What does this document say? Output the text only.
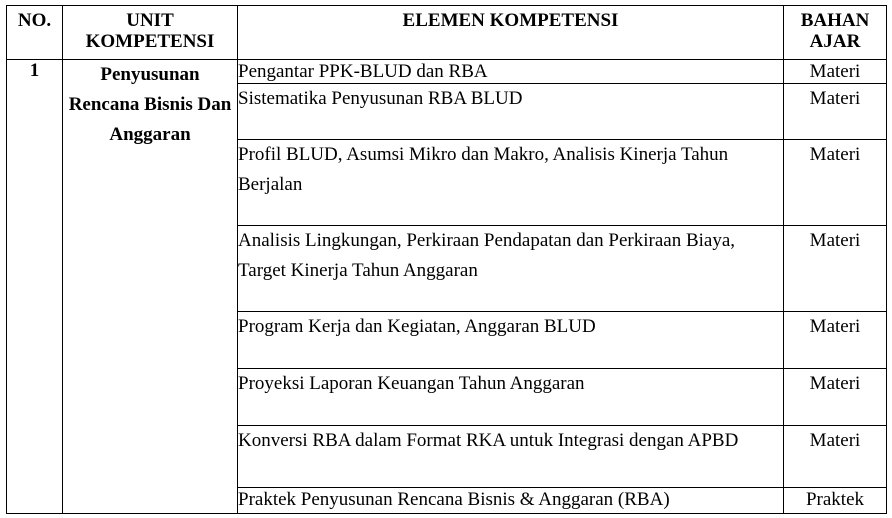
NO.	UNIT KOMPETENSI	ELEMEN KOMPETENSI	BAHAN AJAR
1	Penyusunan Rencana Bisnis Dan Anggaran	Pengantar PPK-BLUD dan RBA	Materi
		Sistematika Penyusunan RBA BLUD	Materi
		Profil BLUD, Asumsi Mikro dan Makro, Analisis Kinerja Tahun Berjalan	Materi
		Analisis Lingkungan, Perkiraan Pendapatan dan Perkiraan Biaya, Target Kinerja Tahun Anggaran	Materi
		Program Kerja dan Kegiatan, Anggaran BLUD	Materi
		Proyeksi Laporan Keuangan Tahun Anggaran	Materi
		Konversi RBA dalam Format RKA untuk Integrasi dengan APBD	Materi
		Praktek Penyusunan Rencana Bisnis & Anggaran (RBA)	Praktek
